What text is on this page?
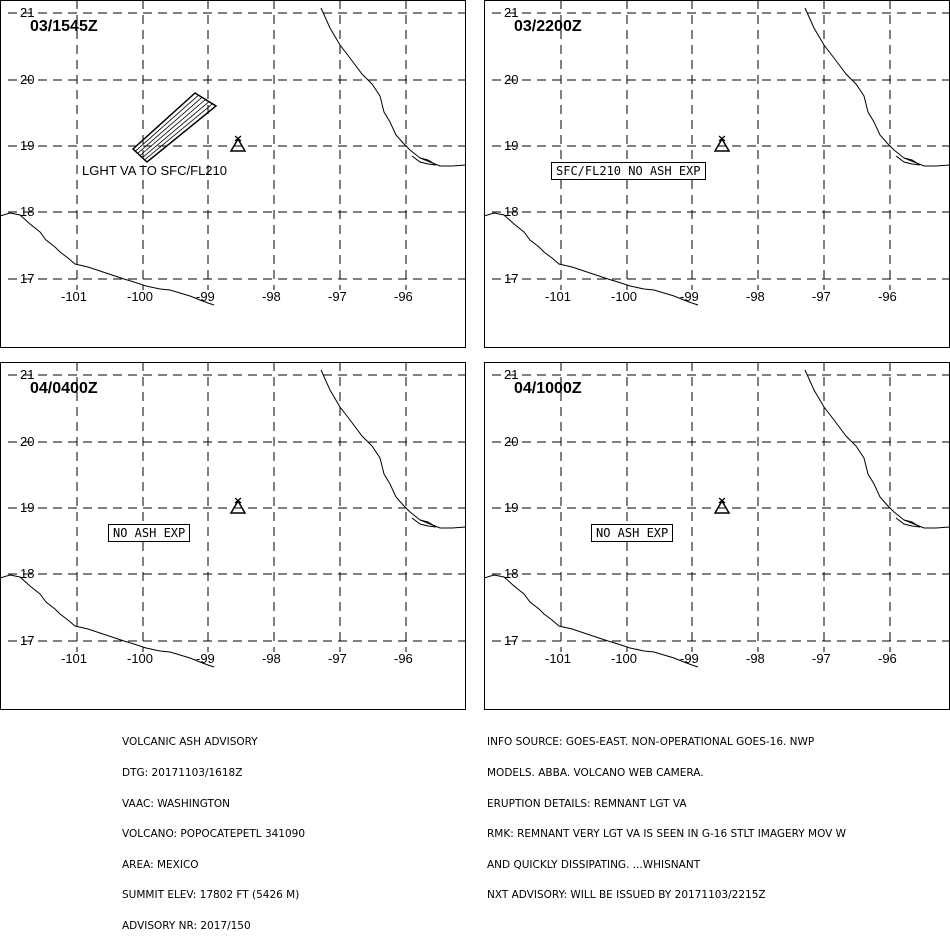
03/1545Z
LGHT VA TO SFC/FL210
21
20
19
18
17
-101	-100	-99	-98	-97	-96
03/2200Z
SFC/FL210 NO ASH EXP
21
20
19
18
17
-101	-100	-99	-98	-97	-96
04/0400Z
NO ASH EXP
21
20
19
18
17
-101	-100	-99	-98	-97	-96
04/1000Z
NO ASH EXP
21
20
19
18
17
-101	-100	-99	-98	-97	-96

VOLCANIC ASH ADVISORY

DTG: 20171103/1618Z

VAAC: WASHINGTON

VOLCANO: POPOCATEPETL 341090

AREA: MEXICO

SUMMIT ELEV: 17802 FT (5426 M)

ADVISORY NR: 2017/150

INFO SOURCE: GOES-EAST. NON-OPERATIONAL GOES-16. NWP

MODELS. ABBA. VOLCANO WEB CAMERA.

ERUPTION DETAILS: REMNANT LGT VA

RMK: REMNANT VERY LGT VA IS SEEN IN G-16 STLT IMAGERY MOV W

AND QUICKLY DISSIPATING. ...WHISNANT

NXT ADVISORY: WILL BE ISSUED BY 20171103/2215Z
